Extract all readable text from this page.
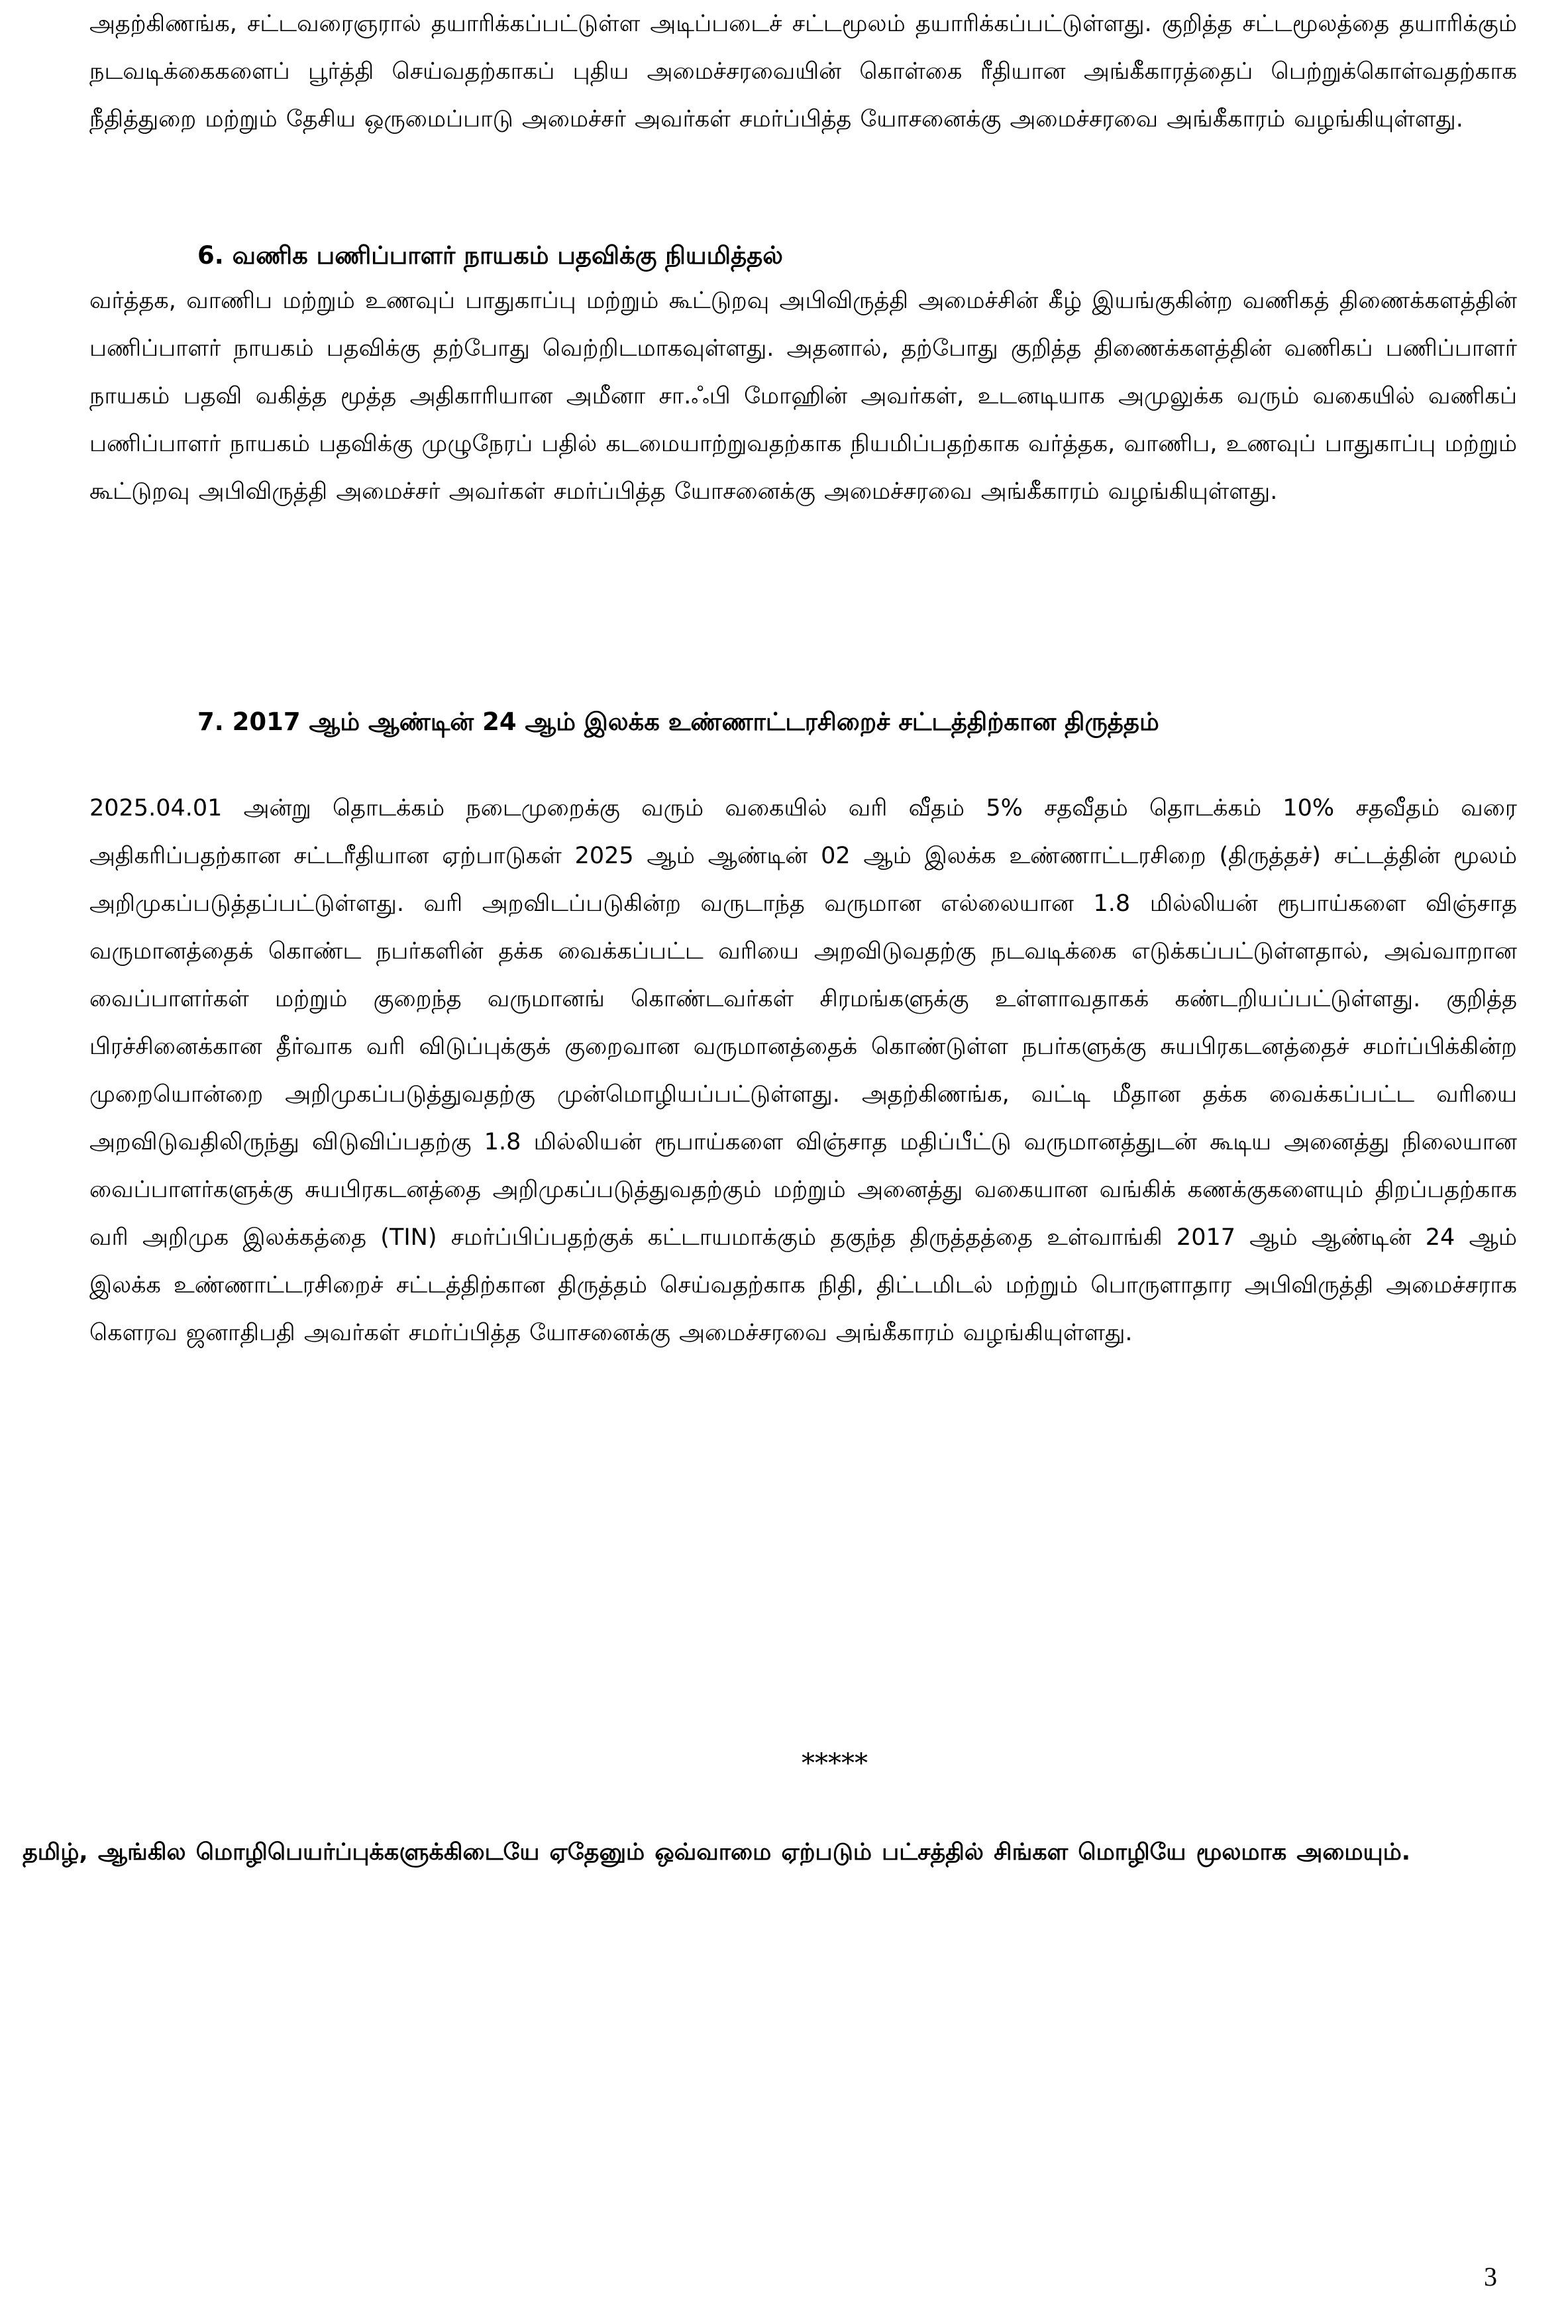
அதற்கிணங்க, சட்டவரைஞரால் தயாரிக்கப்பட்டுள்ள அடிப்படைச் சட்டமூலம் தயாரிக்கப்பட்டுள்ளது. குறித்த சட்டமூலத்தை தயாரிக்கும் நடவடிக்கைகளைப் பூர்த்தி செய்வதற்காகப் புதிய அமைச்சரவையின் கொள்கை ரீதியான அங்கீகாரத்தைப் பெற்றுக்கொள்வதற்காக நீதித்துறை மற்றும் தேசிய ஒருமைப்பாடு அமைச்சர் அவர்கள் சமர்ப்பித்த யோசனைக்கு அமைச்சரவை அங்கீகாரம் வழங்கியுள்ளது.

6. வணிக பணிப்பாளர் நாயகம் பதவிக்கு நியமித்தல்

வர்த்தக, வாணிப மற்றும் உணவுப் பாதுகாப்பு மற்றும் கூட்டுறவு அபிவிருத்தி அமைச்சின் கீழ் இயங்குகின்ற வணிகத் திணைக்களத்தின் பணிப்பாளர் நாயகம் பதவிக்கு தற்போது வெற்றிடமாகவுள்ளது. அதனால், தற்போது குறித்த திணைக்களத்தின் வணிகப் பணிப்பாளர் நாயகம் பதவி வகித்த மூத்த அதிகாரியான அமீனா சா.ஃபி மோஹின் அவர்கள், உடனடியாக அமுலுக்க வரும் வகையில் வணிகப் பணிப்பாளர் நாயகம் பதவிக்கு முழுநேரப் பதில் கடமையாற்றுவதற்காக நியமிப்பதற்காக வர்த்தக, வாணிப, உணவுப் பாதுகாப்பு மற்றும் கூட்டுறவு அபிவிருத்தி அமைச்சர் அவர்கள் சமர்ப்பித்த யோசனைக்கு அமைச்சரவை அங்கீகாரம் வழங்கியுள்ளது.

7. 2017 ஆம் ஆண்டின் 24 ஆம் இலக்க உண்ணாட்டரசிறைச் சட்டத்திற்கான திருத்தம்

2025.04.01 அன்று தொடக்கம் நடைமுறைக்கு வரும் வகையில் வரி வீதம் 5% சதவீதம் தொடக்கம் 10% சதவீதம் வரை அதிகரிப்பதற்கான சட்டரீதியான ஏற்பாடுகள் 2025 ஆம் ஆண்டின் 02 ஆம் இலக்க உண்ணாட்டரசிறை (திருத்தச்) சட்டத்தின் மூலம் அறிமுகப்படுத்தப்பட்டுள்ளது. வரி அறவிடப்படுகின்ற வருடாந்த வருமான எல்லையான 1.8 மில்லியன் ரூபாய்களை விஞ்சாத வருமானத்தைக் கொண்ட நபர்களின் தக்க வைக்கப்பட்ட வரியை அறவிடுவதற்கு நடவடிக்கை எடுக்கப்பட்டுள்ளதால், அவ்வாறான வைப்பாளர்கள் மற்றும் குறைந்த வருமானங் கொண்டவர்கள் சிரமங்களுக்கு உள்ளாவதாகக் கண்டறியப்பட்டுள்ளது. குறித்த பிரச்சினைக்கான தீர்வாக வரி விடுப்புக்குக் குறைவான வருமானத்தைக் கொண்டுள்ள நபர்களுக்கு சுயபிரகடனத்தைச் சமர்ப்பிக்கின்ற முறையொன்றை அறிமுகப்படுத்துவதற்கு முன்மொழியப்பட்டுள்ளது. அதற்கிணங்க, வட்டி மீதான தக்க வைக்கப்பட்ட வரியை அறவிடுவதிலிருந்து விடுவிப்பதற்கு 1.8 மில்லியன் ரூபாய்களை விஞ்சாத மதிப்பீட்டு வருமானத்துடன் கூடிய அனைத்து நிலையான வைப்பாளர்களுக்கு சுயபிரகடனத்தை அறிமுகப்படுத்துவதற்கும் மற்றும் அனைத்து வகையான வங்கிக் கணக்குகளையும் திறப்பதற்காக வரி அறிமுக இலக்கத்தை (TIN) சமர்ப்பிப்பதற்குக் கட்டாயமாக்கும் தகுந்த திருத்தத்தை உள்வாங்கி 2017 ஆம் ஆண்டின் 24 ஆம் இலக்க உண்ணாட்டரசிறைச் சட்டத்திற்கான திருத்தம் செய்வதற்காக நிதி, திட்டமிடல் மற்றும் பொருளாதார அபிவிருத்தி அமைச்சராக கௌரவ ஜனாதிபதி அவர்கள் சமர்ப்பித்த யோசனைக்கு அமைச்சரவை அங்கீகாரம் வழங்கியுள்ளது.

*****

தமிழ், ஆங்கில மொழிபெயர்ப்புக்களுக்கிடையே ஏதேனும் ஒவ்வாமை ஏற்படும் பட்சத்தில் சிங்கள மொழியே மூலமாக அமையும்.

3
